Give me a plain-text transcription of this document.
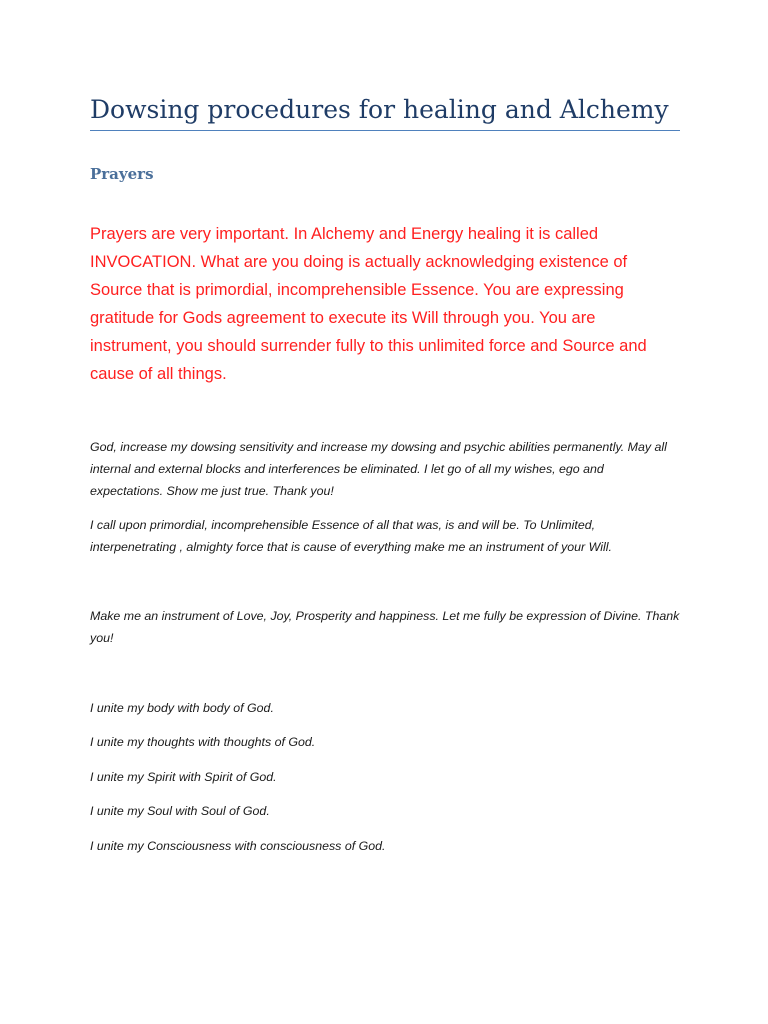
Dowsing procedures for healing and Alchemy
Prayers

Prayers are very important. In Alchemy and Energy healing it is called INVOCATION. What are you doing is actually acknowledging existence of Source that is primordial, incomprehensible Essence. You are expressing gratitude for Gods agreement to execute its Will through you. You are instrument, you should surrender fully to this unlimited force and Source and cause of all things.

God, increase my dowsing sensitivity and increase my dowsing and psychic abilities permanently. May all internal and external blocks and interferences be eliminated. I let go of all my wishes, ego and expectations. Show me just true. Thank you!

I call upon primordial, incomprehensible Essence of all that was, is and will be. To Unlimited, interpenetrating , almighty force that is cause of everything make me an instrument of your Will.

Make me an instrument of Love, Joy, Prosperity and happiness. Let me fully be expression of Divine. Thank you!

I unite my body with body of God.

I unite my thoughts with thoughts of God.

I unite my Spirit with Spirit of God.

I unite my Soul with Soul of God.

I unite my Consciousness with consciousness of God.
